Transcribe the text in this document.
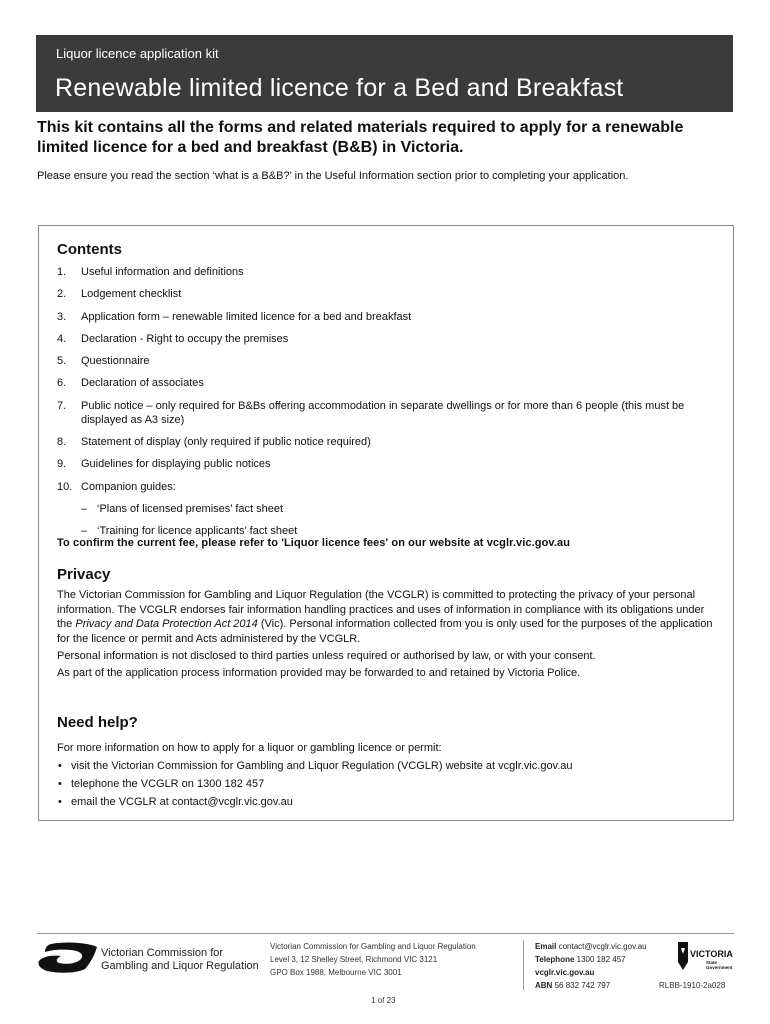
Liquor licence application kit
Renewable limited licence for a Bed and Breakfast
This kit contains all the forms and related materials required to apply for a renewable limited licence for a bed and breakfast (B&B) in Victoria.
Please ensure you read the section ‘what is a B&B?’ in the Useful Information section prior to completing your application.
Contents
1. Useful information and definitions
2. Lodgement checklist
3. Application form – renewable limited licence for a bed and breakfast
4. Declaration - Right to occupy the premises
5. Questionnaire
6. Declaration of associates
7. Public notice – only required for B&Bs offering accommodation in separate dwellings or for more than 6 people (this must be displayed as A3 size)
8. Statement of display (only required if public notice required)
9. Guidelines for displaying public notices
10. Companion guides:
– ‘Plans of licensed premises’ fact sheet
– ‘Training for licence applicants’ fact sheet
To confirm the current fee, please refer to 'Liquor licence fees' on our website at vcglr.vic.gov.au
Privacy

The Victorian Commission for Gambling and Liquor Regulation (the VCGLR) is committed to protecting the privacy of your personal information. The VCGLR endorses fair information handling practices and uses of information in compliance with its obligations under the Privacy and Data Protection Act 2014 (Vic). Personal information collected from you is only used for the purposes of the application for the licence or permit and Acts administered by the VCGLR.

Personal information is not disclosed to third parties unless required or authorised by law, or with your consent.

As part of the application process information provided may be forwarded to and retained by Victoria Police.

Need help?
For more information on how to apply for a liquor or gambling licence or permit:
• visit the Victorian Commission for Gambling and Liquor Regulation (VCGLR) website at vcglr.vic.gov.au
• telephone the VCGLR on 1300 182 457
• email the VCGLR at contact@vcglr.vic.gov.au
Victorian Commission for
Gambling and Liquor Regulation
Victorian Commission for Gambling and Liquor Regulation
Level 3, 12 Shelley Street, Richmond VIC 3121
GPO Box 1988, Melbourne VIC 3001
Email contact@vcglr.vic.gov.au
Telephone 1300 182 457
vcglr.vic.gov.au
ABN 56 832 742 797
VICTORIA
State
Government
RLBB-1910-2a028
1 of 23
